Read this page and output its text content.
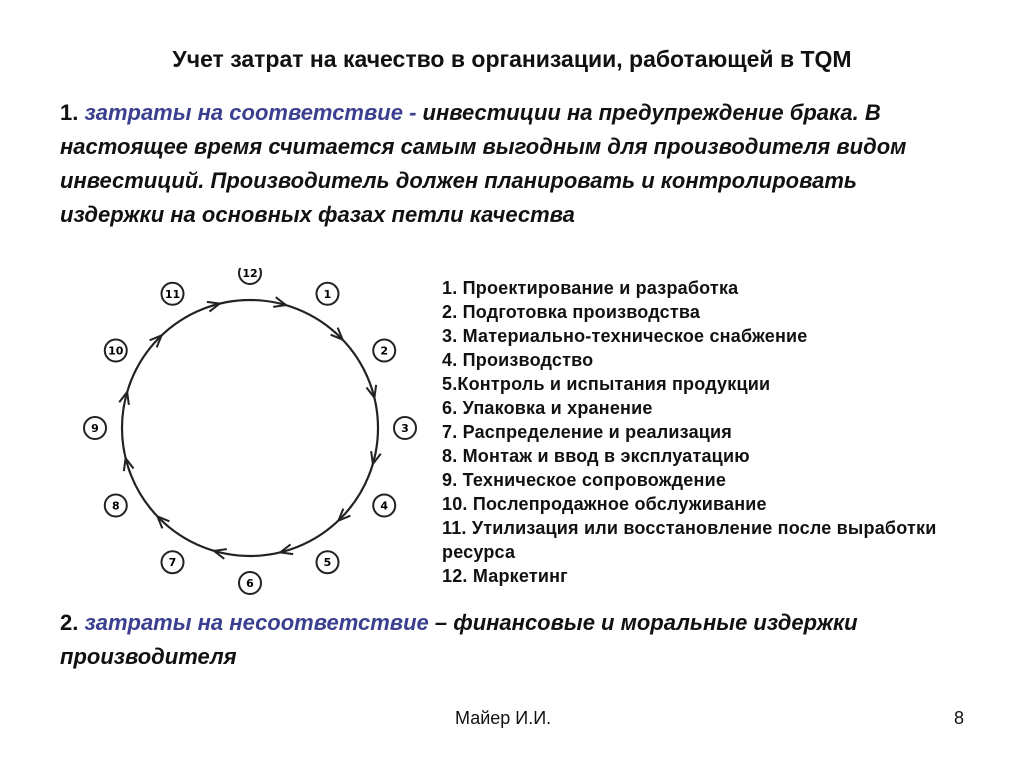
Учет затрат на качество в организации, работающей в TQM
1. затраты на соответствие - инвестиции на предупреждение брака. В настоящее время считается самым выгодным для производителя видом инвестиций. Производитель должен планировать и контролировать издержки на основных фазах петли качества
1
2
3
4
5
6
7
8
9
10
11
12
1. Проектирование и разработка
2. Подготовка производства
3. Материально-техническое снабжение
4. Производство
5.Контроль и испытания продукции
6. Упаковка и хранение
7. Распределение и реализация
8. Монтаж и ввод в эксплуатацию
9. Техническое сопровождение
10. Послепродажное обслуживание
11. Утилизация или восстановление после выработки ресурса
12. Маркетинг
2. затраты на несоответствие – финансовые и моральные издержки производителя
Майер И.И.	8
